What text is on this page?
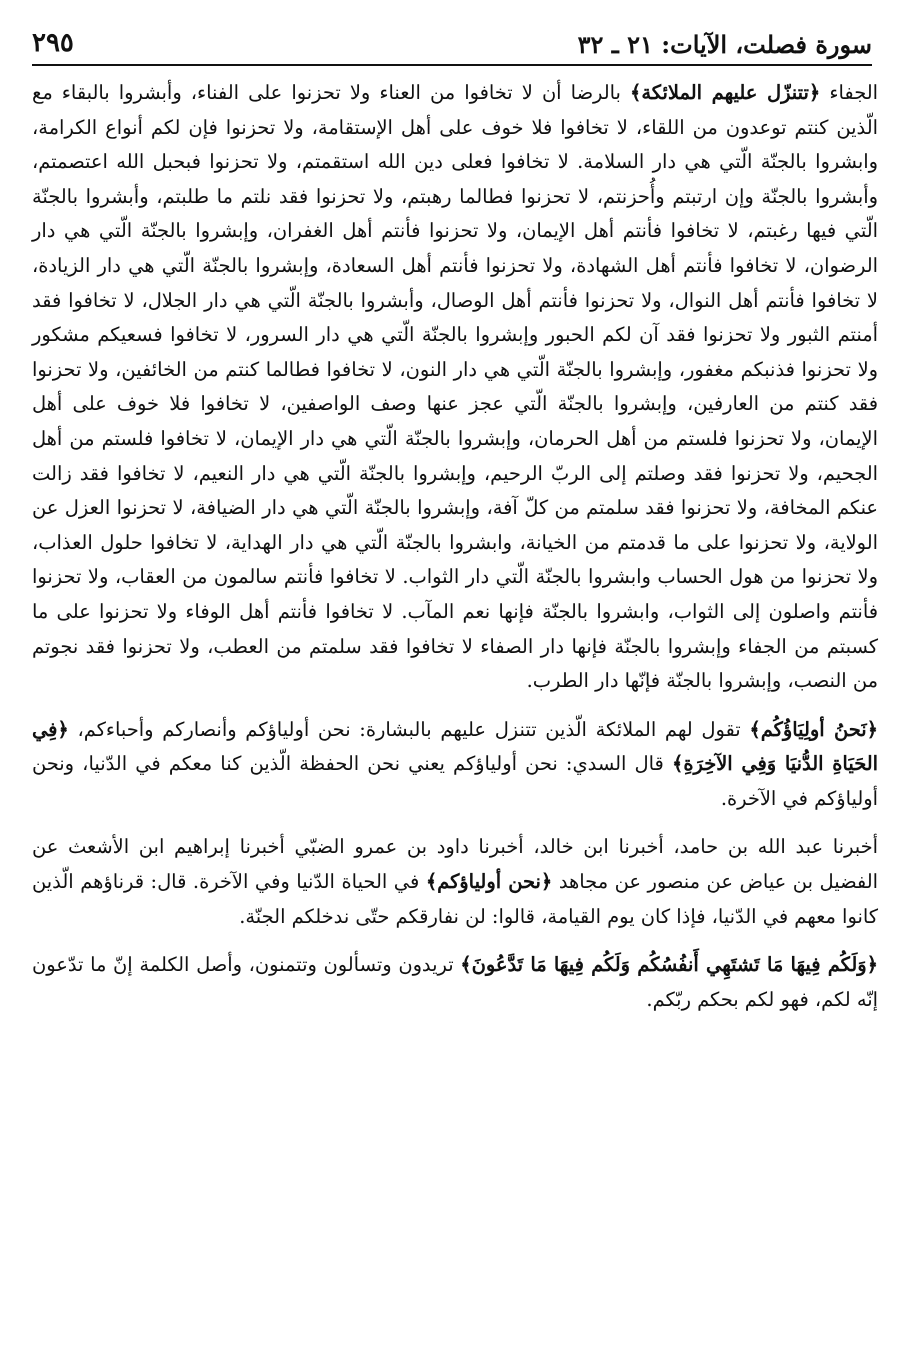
سورة فصلت، الآيات: ٢١ ـ ٣٢
٢٩٥

الجفاء ﴿تتنزّل عليهم الملائكة﴾ بالرضا أن لا تخافوا من العناء ولا تحزنوا على الفناء، وأبشروا بالبقاء مع الّذين كنتم توعدون من اللقاء، لا تخافوا فلا خوف على أهل الإستقامة، ولا تحزنوا فإن لكم أنواع الكرامة، وابشروا بالجنّة الّتي هي دار السلامة. لا تخافوا فعلى دين الله استقمتم، ولا تحزنوا فبحبل الله اعتصمتم، وأبشروا بالجنّة وإن ارتبتم وأُحزنتم، لا تحزنوا فطالما رهبتم، ولا تحزنوا فقد نلتم ما طلبتم، وأبشروا بالجنّة الّتي فيها رغبتم، لا تخافوا فأنتم أهل الإيمان، ولا تحزنوا فأنتم أهل الغفران، وإبشروا بالجنّة الّتي هي دار الرضوان، لا تخافوا فأنتم أهل الشهادة، ولا تحزنوا فأنتم أهل السعادة، وإبشروا بالجنّة الّتي هي دار الزيادة، لا تخافوا فأنتم أهل النوال، ولا تحزنوا فأنتم أهل الوصال، وأبشروا بالجنّة الّتي هي دار الجلال، لا تخافوا فقد أمنتم الثبور ولا تحزنوا فقد آن لكم الحبور وإبشروا بالجنّة الّتي هي دار السرور، لا تخافوا فسعيكم مشكور ولا تحزنوا فذنبكم مغفور، وإبشروا بالجنّة الّتي هي دار النون، لا تخافوا فطالما كنتم من الخائفين، ولا تحزنوا فقد كنتم من العارفين، وإبشروا بالجنّة الّتي عجز عنها وصف الواصفين، لا تخافوا فلا خوف على أهل الإيمان، ولا تحزنوا فلستم من أهل الحرمان، وإبشروا بالجنّة الّتي هي دار الإيمان، لا تخافوا فلستم من أهل الجحيم، ولا تحزنوا فقد وصلتم إلى الربّ الرحيم، وإبشروا بالجنّة الّتي هي دار النعيم، لا تخافوا فقد زالت عنكم المخافة، ولا تحزنوا فقد سلمتم من كلّ آفة، وإبشروا بالجنّة الّتي هي دار الضيافة، لا تحزنوا العزل عن الولاية، ولا تحزنوا على ما قدمتم من الخيانة، وابشروا بالجنّة الّتي هي دار الهداية، لا تخافوا حلول العذاب، ولا تحزنوا من هول الحساب وابشروا بالجنّة الّتي دار الثواب. لا تخافوا فأنتم سالمون من العقاب، ولا تحزنوا فأنتم واصلون إلى الثواب، وابشروا بالجنّة فإنها نعم المآب. لا تخافوا فأنتم أهل الوفاء ولا تحزنوا على ما كسبتم من الجفاء وإبشروا بالجنّة فإنها دار الصفاء لا تخافوا فقد سلمتم من العطب، ولا تحزنوا فقد نجوتم من النصب، وإبشروا بالجنّة فإنّها دار الطرب.

﴿نَحنُ أولِيَاؤُكُم﴾ تقول لهم الملائكة الّذين تتنزل عليهم بالبشارة: نحن أولياؤكم وأنصاركم وأحباءكم، ﴿فِي الحَيَاةِ الدُّنيَا وَفِي الآخِرَةِ﴾ قال السدي: نحن أولياؤكم يعني نحن الحفظة الّذين كنا معكم في الدّنيا، ونحن أولياؤكم في الآخرة.

أخبرنا عبد الله بن حامد، أخبرنا ابن خالد، أخبرنا داود بن عمرو الضبّي أخبرنا إبراهيم ابن الأشعث عن الفضيل بن عياض عن منصور عن مجاهد ﴿نحن أولياؤكم﴾ في الحياة الدّنيا وفي الآخرة. قال: قرناؤهم الّذين كانوا معهم في الدّنيا، فإذا كان يوم القيامة، قالوا: لن نفارقكم حتّى ندخلكم الجنّة.

﴿وَلَكُم فِيهَا مَا تَشتَهِي أَنفُسُكُم وَلَكُم فِيهَا مَا تَدَّعُونَ﴾ تريدون وتسألون وتتمنون، وأصل الكلمة إنّ ما تدّعون إنّه لكم، فهو لكم بحكم ربّكم.
